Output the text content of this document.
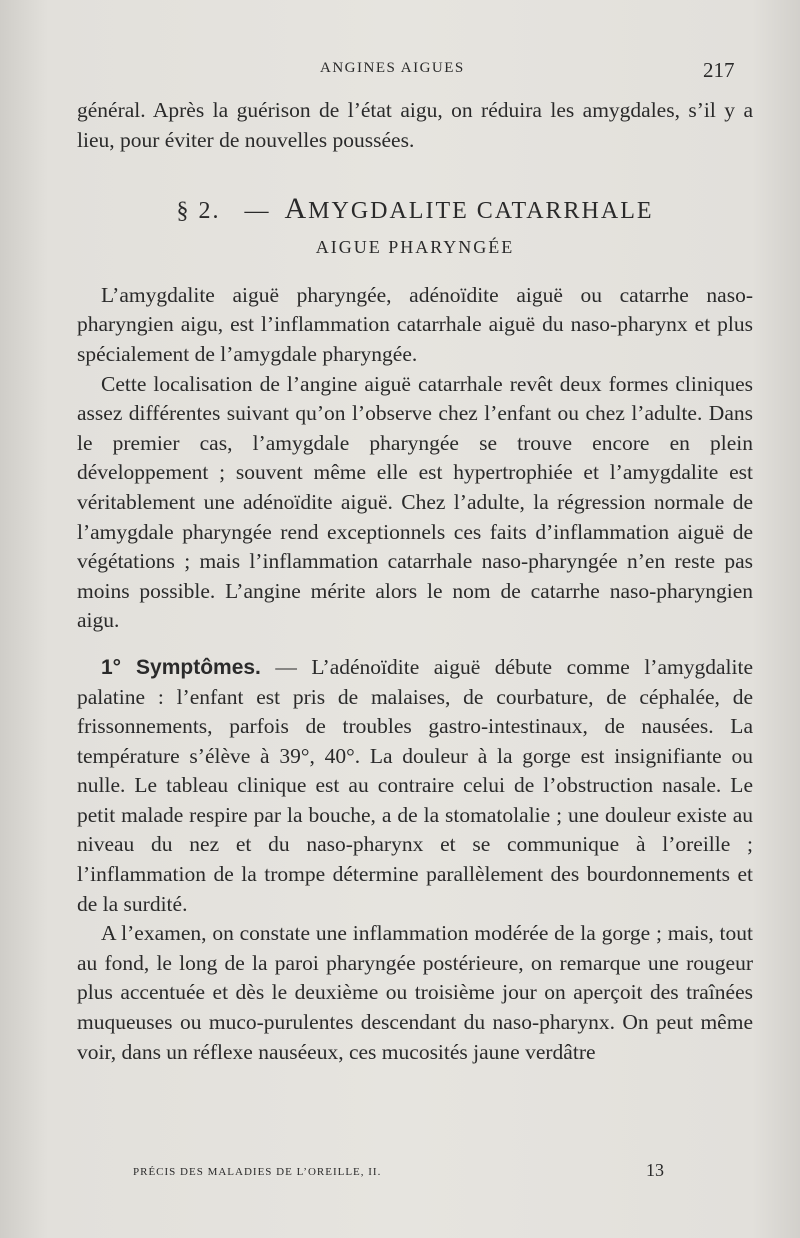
ANGINES AIGUES	217

général. Après la guérison de l’état aigu, on réduira les amygdales, s’il y a lieu, pour éviter de nouvelles poussées.

§ 2. — AMYGDALITE CATARRHALE
AIGUE PHARYNGÉE

L’amygdalite aiguë pharyngée, adénoïdite aiguë ou catarrhe naso-pharyngien aigu, est l’inflammation catarrhale aiguë du naso-pharynx et plus spécialement de l’amygdale pharyngée.

Cette localisation de l’angine aiguë catarrhale revêt deux formes cliniques assez différentes suivant qu’on l’observe chez l’enfant ou chez l’adulte. Dans le premier cas, l’amygdale pharyngée se trouve encore en plein développement ; souvent même elle est hypertrophiée et l’amygdalite est véritablement une adénoïdite aiguë. Chez l’adulte, la régression normale de l’amygdale pharyngée rend exceptionnels ces faits d’inflammation aiguë de végétations ; mais l’inflammation catarrhale naso-pharyngée n’en reste pas moins possible. L’angine mérite alors le nom de catarrhe naso-pharyngien aigu.

1° Symptômes. — L’adénoïdite aiguë débute comme l’amygdalite palatine : l’enfant est pris de malaises, de courbature, de céphalée, de frissonnements, parfois de troubles gastro-intestinaux, de nausées. La température s’élève à 39°, 40°. La douleur à la gorge est insignifiante ou nulle. Le tableau clinique est au contraire celui de l’obstruction nasale. Le petit malade respire par la bouche, a de la stomatolalie ; une douleur existe au niveau du nez et du naso-pharynx et se communique à l’oreille ; l’inflammation de la trompe détermine parallèlement des bourdonnements et de la surdité.

A l’examen, on constate une inflammation modérée de la gorge ; mais, tout au fond, le long de la paroi pharyngée postérieure, on remarque une rougeur plus accentuée et dès le deuxième ou troisième jour on aperçoit des traînées muqueuses ou muco-purulentes descendant du naso-pharynx. On peut même voir, dans un réflexe nauséeux, ces mucosités jaune verdâtre

PRÉCIS DES MALADIES DE L’OREILLE, II.	13
